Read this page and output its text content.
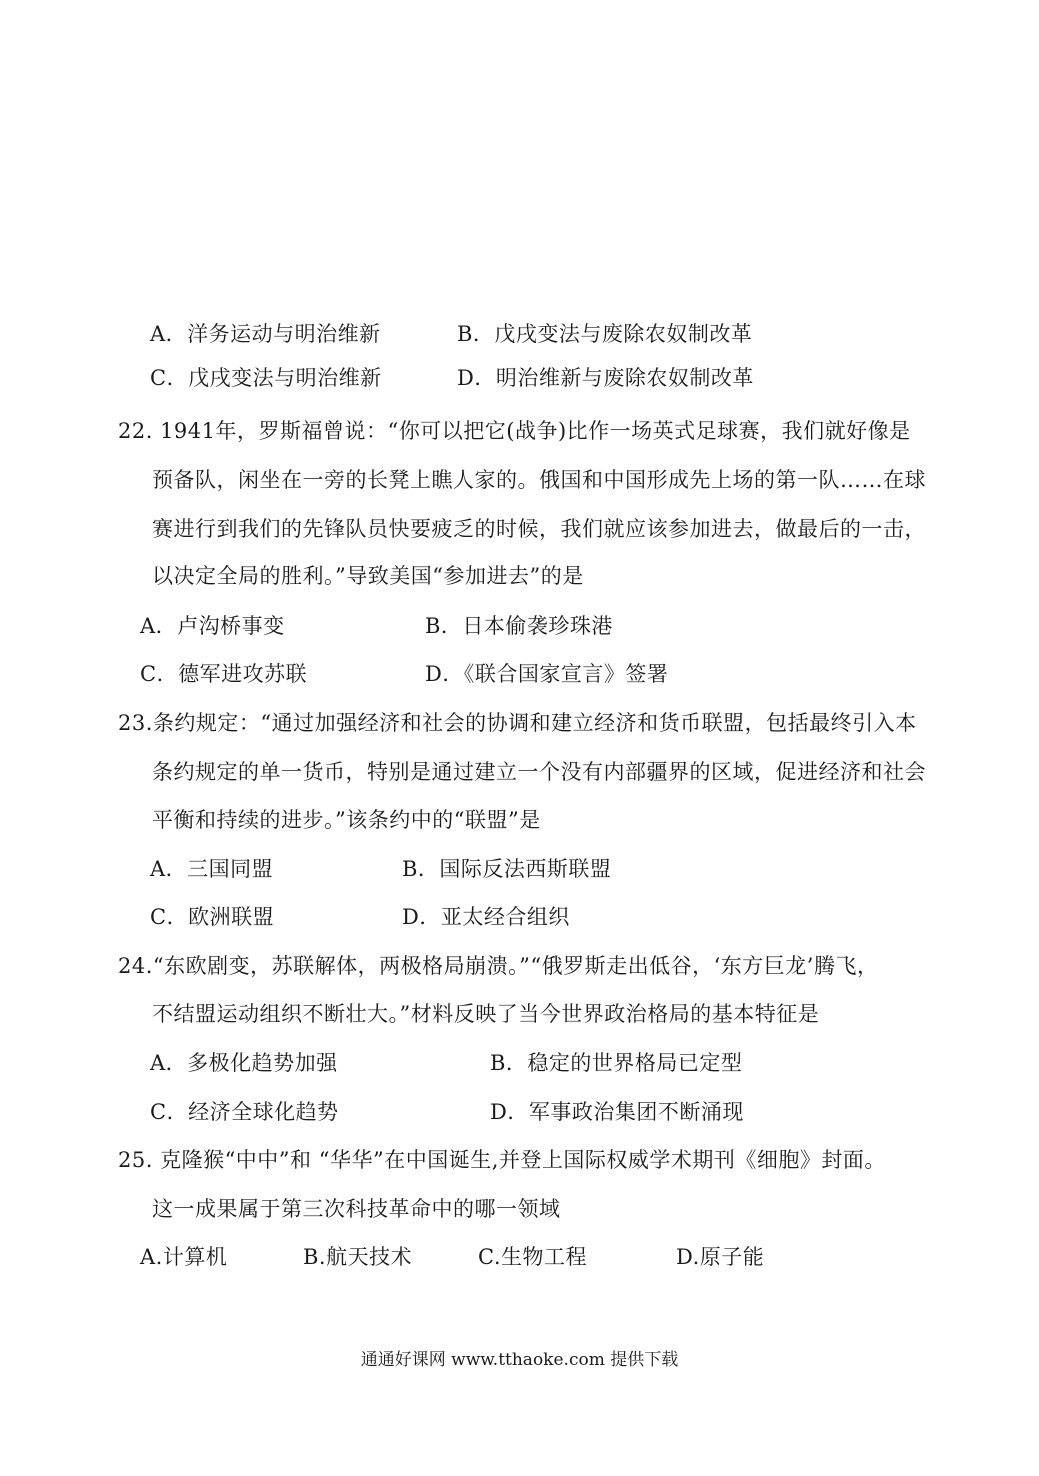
A．洋务运动与明治维新	B．戊戌变法与废除农奴制改革
C．戊戌变法与明治维新	D．明治维新与废除农奴制改革
22. 1941年，罗斯福曾说：“你可以把它(战争)比作一场英式足球赛，我们就好像是
预备队，闲坐在一旁的长凳上瞧人家的。俄国和中国形成先上场的第一队……在球
赛进行到我们的先锋队员快要疲乏的时候，我们就应该参加进去，做最后的一击，
以决定全局的胜利。”导致美国“参加进去”的是
A．卢沟桥事变	B．日本偷袭珍珠港
C．德军进攻苏联	D．《联合国家宣言》签署
23.条约规定：“通过加强经济和社会的协调和建立经济和货币联盟，包括最终引入本
条约规定的单一货币，特别是通过建立一个没有内部疆界的区域，促进经济和社会
平衡和持续的进步。”该条约中的“联盟”是
A．三国同盟	B．国际反法西斯联盟
C．欧洲联盟	D．亚太经合组织
24.“东欧剧变，苏联解体，两极格局崩溃。”“俄罗斯走出低谷，‘东方巨龙’腾飞，
不结盟运动组织不断壮大。”材料反映了当今世界政治格局的基本特征是
A．多极化趋势加强	B．稳定的世界格局已定型
C．经济全球化趋势	D．军事政治集团不断涌现
25. 克隆猴“中中”和 “华华”在中国诞生,并登上国际权威学术期刊《细胞》封面。
这一成果属于第三次科技革命中的哪一领域
A.计算机	B.航天技术	C.生物工程	D.原子能
通通好课网 www.tthaoke.com 提供下载
